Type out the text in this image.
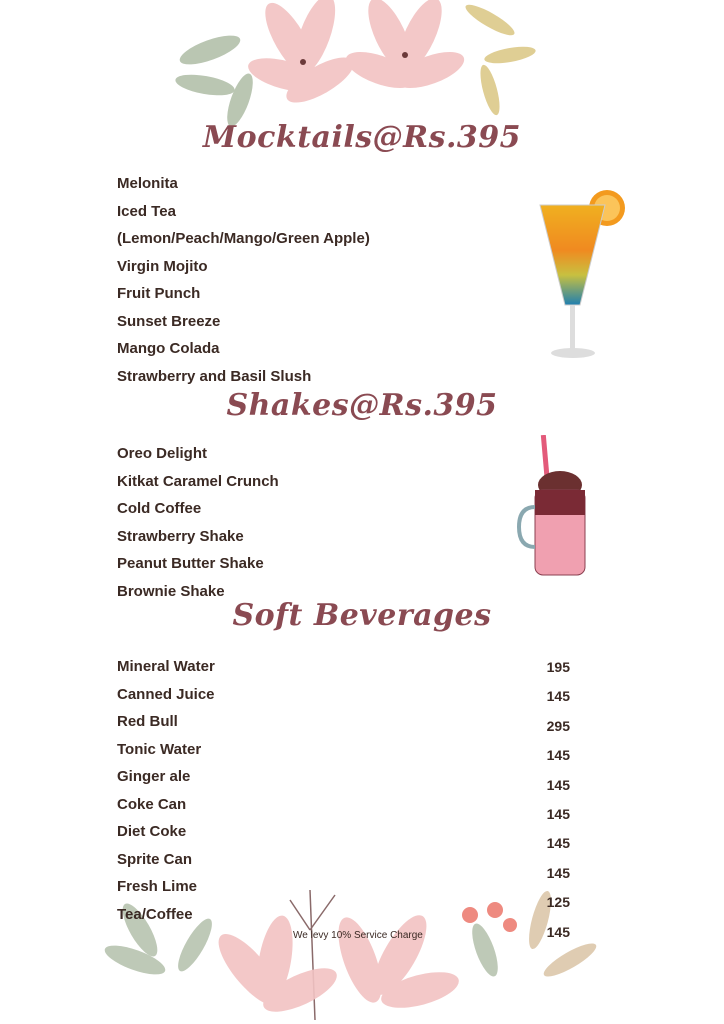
Mocktails@Rs.395
Melonita
Iced Tea
(Lemon/Peach/Mango/Green Apple)
Virgin Mojito
Fruit Punch
Sunset Breeze
Mango Colada
Strawberry and Basil Slush
Shakes@Rs.395
Oreo Delight
Kitkat Caramel Crunch
Cold Coffee
Strawberry Shake
Peanut Butter Shake
Brownie Shake
Soft Beverages
Mineral Water
Canned Juice
Red Bull
Tonic Water
Ginger ale
Coke Can
Diet Coke
Sprite Can
Fresh Lime
Tea/Coffee
195
145
295
145
145
145
145
145
125
145
We levy 10% Service Charge
